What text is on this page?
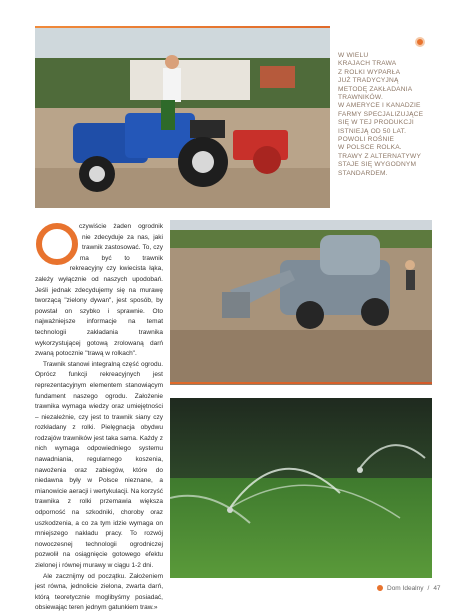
W WIELU
KRAJACH TRAWA
Z ROLKI WYPARŁA
JUŻ TRADYCYJNĄ
METODĘ ZAKŁADANIA
TRAWNIKÓW.
W AMERYCE I KANADZIE
FARMY SPECJALIZUJĄCE
SIĘ W TEJ PRODUKCJI
ISTNIEJĄ OD 50 LAT.
POWOLI ROŚNIE
W POLSCE ROLKA.
TRAWY Z ALTERNATYWY
STAJE SIĘ WYGODNYM
STANDARDEM.
O

czywiście żaden ogrodnik nie zdecyduje za nas, jaki trawnik zastosować. To, czy ma być to trawnik rekreacyjny czy kwiecista łąka, zależy wyłącznie od naszych upodobań. Jeśli jednak zdecydujemy się na murawę tworzącą "zielony dywan", jest sposób, by powstał on szybko i sprawnie. Oto najważniejsze informacje na temat technologii zakładania trawnika wykorzystującej gotową zrolowaną darń zwaną potocznie "trawą w rolkach".

Trawnik stanowi integralną część ogrodu. Oprócz funkcji rekreacyjnych jest reprezentacyjnym elementem stanowiącym fundament naszego ogrodu. Założenie trawnika wymaga wiedzy oraz umiejętności – niezależnie, czy jest to trawnik siany czy rozkładany z rolki. Pielęgnacja obydwu rodzajów trawników jest taka sama. Każdy z nich wymaga odpowiedniego systemu nawadniania, regularnego koszenia, nawożenia oraz zabiegów, które do niedawna były w Polsce nieznane, a mianowicie aeracji i wertykulacji. Na korzyść trawnika z rolki przemawia większa odporność na szkodniki, choroby oraz uszkodzenia, a co za tym idzie wymaga on mniejszego nakładu pracy. To rozwój nowoczesnej technologii ogrodniczej pozwolił na osiągnięcie gotowego efektu zielonej i równej murawy w ciągu 1-2 dni.

Ale zacznijmy od początku. Założeniem jest równa, jednolicie zielona, zwarta darń, którą teoretycznie moglibyśmy posiadać, obsiewając teren jednym gatunkiem traw.»

Dom Idealny / 47
